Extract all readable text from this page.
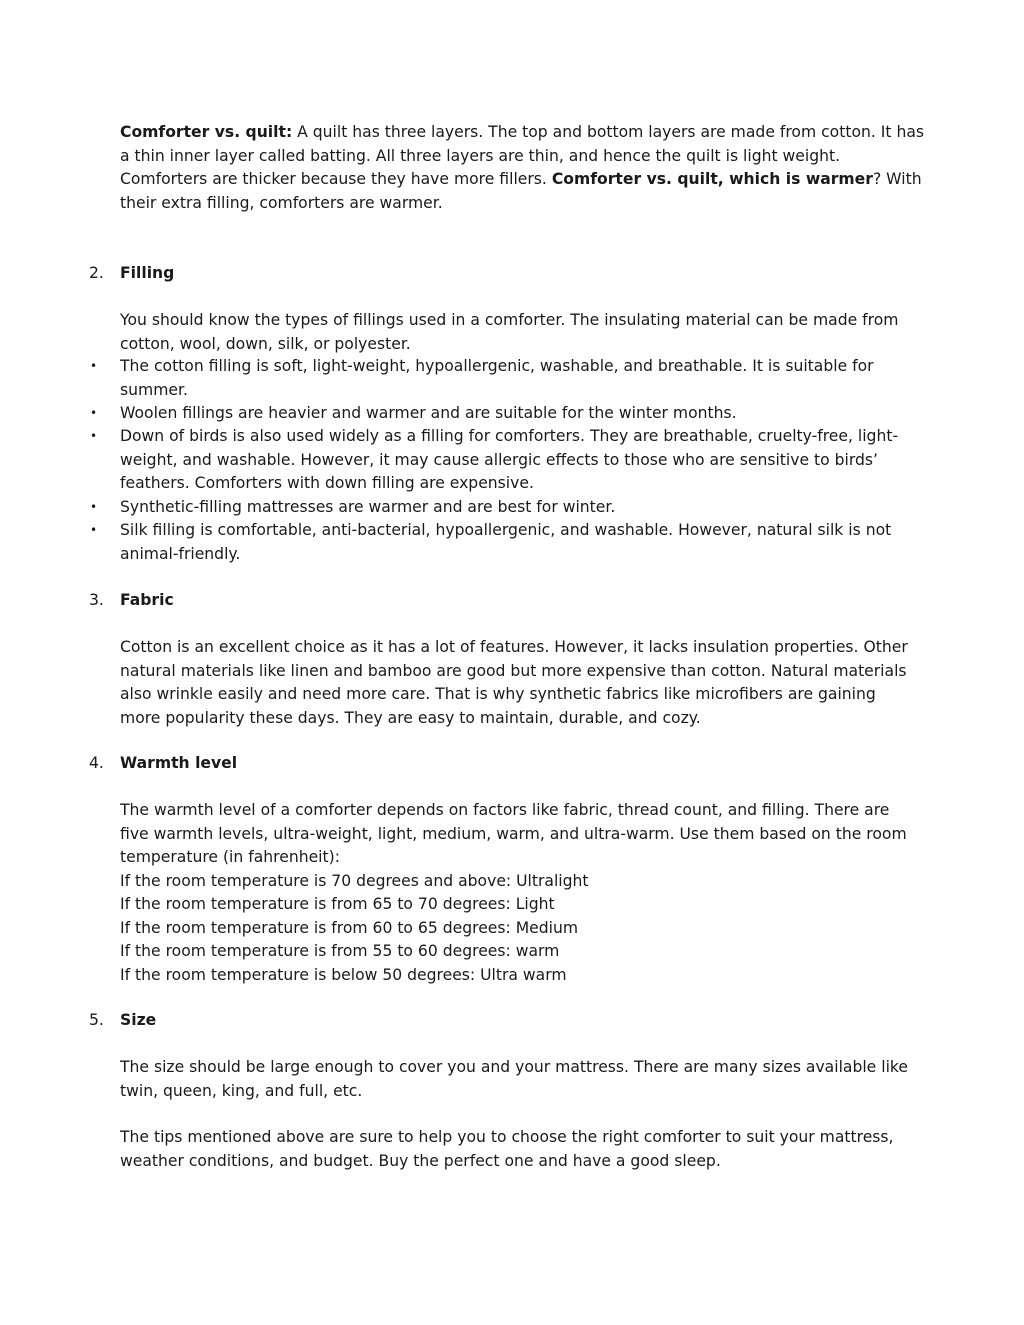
Comforter vs. quilt: A quilt has three layers. The top and bottom layers are made from cotton. It has
a thin inner layer called batting. All three layers are thin, and hence the quilt is light weight.
Comforters are thicker because they have more fillers. Comforter vs. quilt, which is warmer? With
their extra filling, comforters are warmer.
2. Filling
You should know the types of fillings used in a comforter. The insulating material can be made from
cotton, wool, down, silk, or polyester.
• The cotton filling is soft, light-weight, hypoallergenic, washable, and breathable. It is suitable for
summer.
• Woolen fillings are heavier and warmer and are suitable for the winter months.
• Down of birds is also used widely as a filling for comforters. They are breathable, cruelty-free, light-
weight, and washable. However, it may cause allergic effects to those who are sensitive to birds’
feathers. Comforters with down filling are expensive.
• Synthetic-filling mattresses are warmer and are best for winter.
• Silk filling is comfortable, anti-bacterial, hypoallergenic, and washable. However, natural silk is not
animal-friendly.
3. Fabric
Cotton is an excellent choice as it has a lot of features. However, it lacks insulation properties. Other
natural materials like linen and bamboo are good but more expensive than cotton. Natural materials
also wrinkle easily and need more care. That is why synthetic fabrics like microfibers are gaining
more popularity these days. They are easy to maintain, durable, and cozy.
4. Warmth level
The warmth level of a comforter depends on factors like fabric, thread count, and filling. There are
five warmth levels, ultra-weight, light, medium, warm, and ultra-warm. Use them based on the room
temperature (in fahrenheit):
If the room temperature is 70 degrees and above: Ultralight
If the room temperature is from 65 to 70 degrees: Light
If the room temperature is from 60 to 65 degrees: Medium
If the room temperature is from 55 to 60 degrees: warm
If the room temperature is below 50 degrees: Ultra warm
5. Size
The size should be large enough to cover you and your mattress. There are many sizes available like
twin, queen, king, and full, etc.
The tips mentioned above are sure to help you to choose the right comforter to suit your mattress,
weather conditions, and budget. Buy the perfect one and have a good sleep.
